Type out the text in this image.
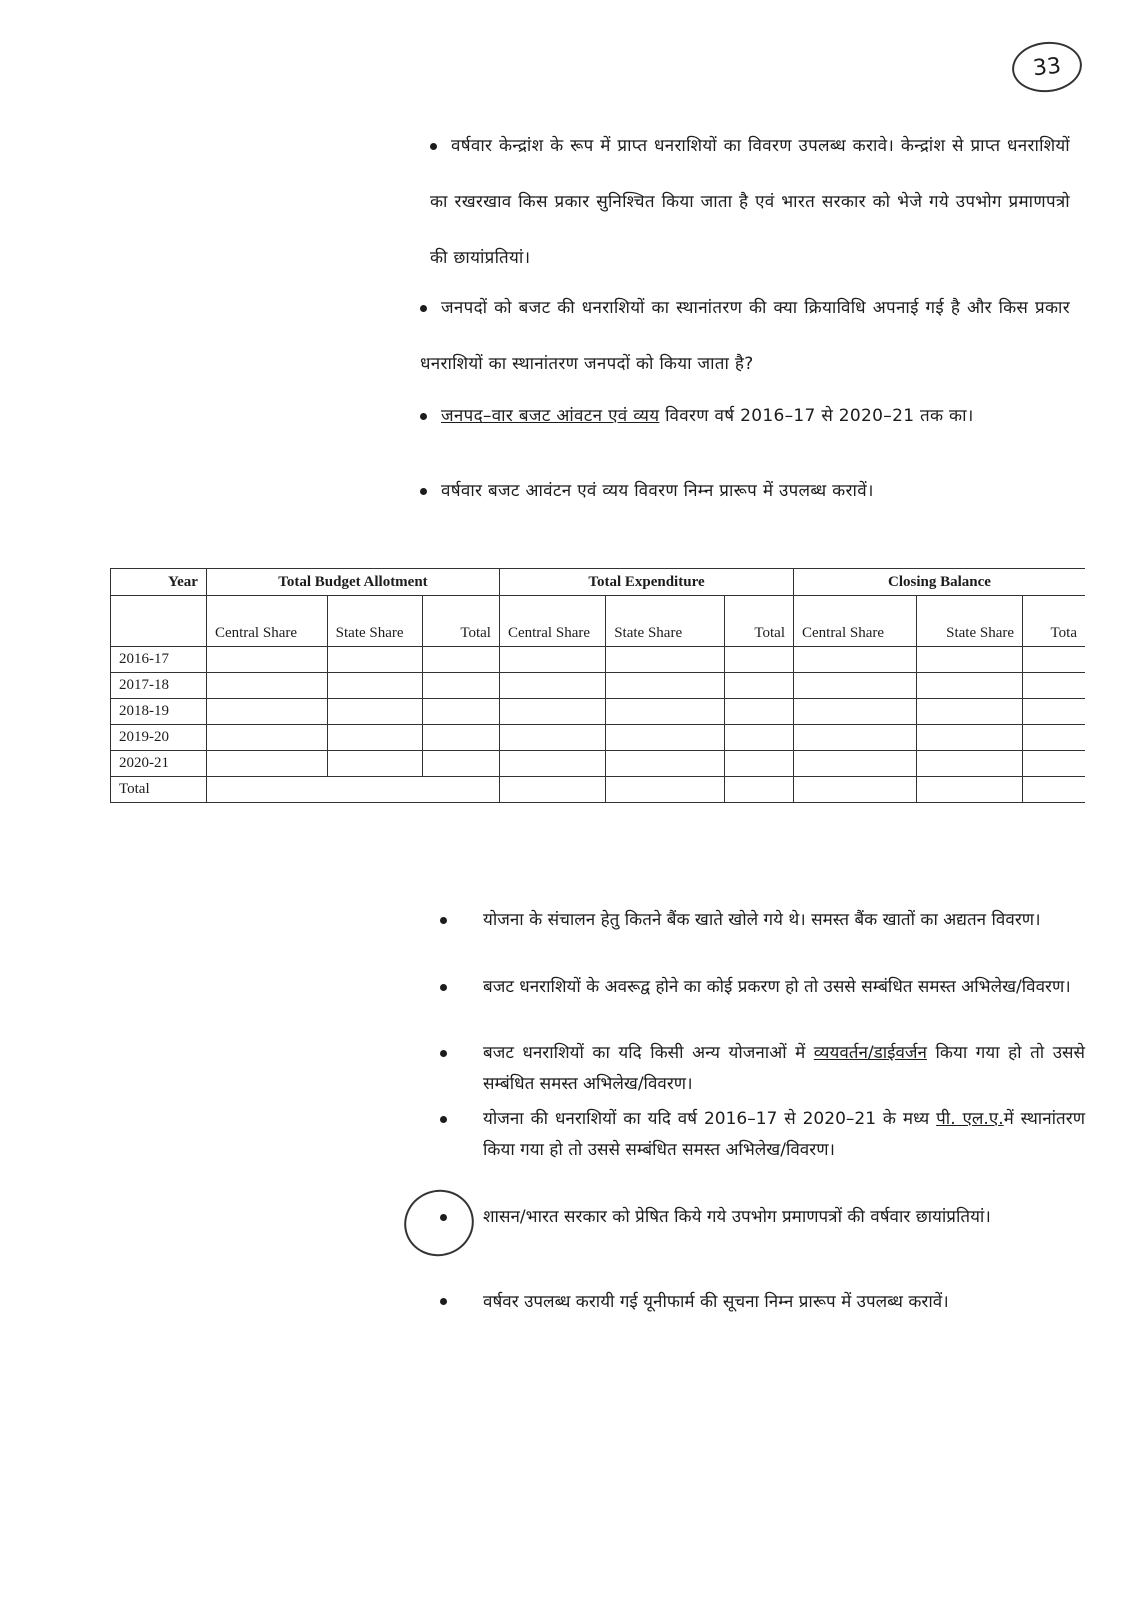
33
वर्षवार केन्द्रांश के रूप में प्राप्त धनराशियों का विवरण उपलब्ध करावे। केन्द्रांश से प्राप्त धनराशियों का रखरखाव किस प्रकार सुनिश्चित किया जाता है एवं भारत सरकार को भेजे गये उपभोग प्रमाणपत्रो की छायांप्रतियां।
जनपदों को बजट की धनराशियों का स्थानांतरण की क्या क्रियाविधि अपनाई गई है और किस प्रकार धनराशियों का स्थानांतरण जनपदों को किया जाता है?
जनपद–वार बजट आंवटन एवं व्यय विवरण वर्ष 2016–17 से 2020–21 तक का।
वर्षवार बजट आवंटन एवं व्यय विवरण निम्न प्रारूप में उपलब्ध करावें।
Year	Total Budget Allotment			Total Expenditure			Closing Balance		
	Central Share	State Share	Total	Central Share	State Share	Total	Central Share	State Share	Tota
2016-17									
2017-18									
2018-19									
2019-20									
2020-21									
Total									
योजना के संचालन हेतु कितने बैंक खाते खोले गये थे। समस्त बैंक खातों का अद्यतन विवरण।
बजट धनराशियों के अवरूद्व होने का कोई प्रकरण हो तो उससे सम्बंधित समस्त अभिलेख/विवरण।
बजट धनराशियों का यदि किसी अन्य योजनाओं में व्ययवर्तन/डाईवर्जन किया गया हो तो उससे सम्बंधित समस्त अभिलेख/विवरण।
योजना की धनराशियों का यदि वर्ष 2016–17 से 2020–21 के मध्य पी. एल.ए.में स्थानांतरण किया गया हो तो उससे सम्बंधित समस्त अभिलेख/विवरण।
शासन/भारत सरकार को प्रेषित किये गये उपभोग प्रमाणपत्रों की वर्षवार छायांप्रतियां।
वर्षवर उपलब्ध करायी गई यूनीफार्म की सूचना निम्न प्रारूप में उपलब्ध करावें।
